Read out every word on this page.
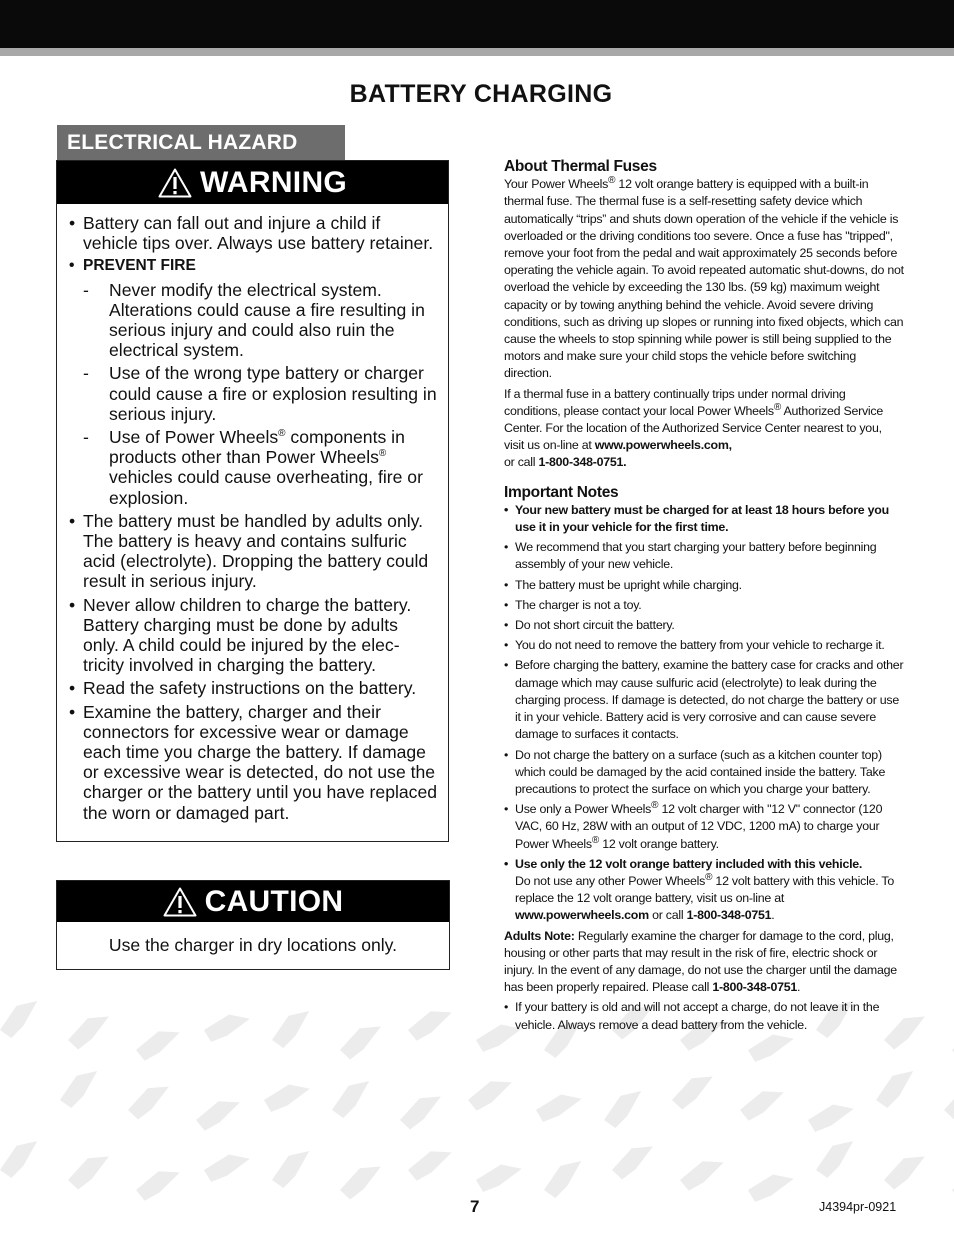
BATTERY CHARGING
ELECTRICAL HAZARD
WARNING
• Battery can fall out and injure a child if vehicle tips over. Always use battery retainer.
• PREVENT FIRE
- Never modify the electrical system. Alterations could cause a fire resulting in serious injury and could also ruin the electrical system.
- Use of the wrong type battery or charger could cause a fire or explosion resulting in serious injury.
- Use of Power Wheels® components in products other than Power Wheels® vehicles could cause overheating, fire or explosion.
• The battery must be handled by adults only. The battery is heavy and contains sulfuric acid (electrolyte). Dropping the battery could result in serious injury.
• Never allow children to charge the battery. Battery charging must be done by adults only. A child could be injured by the elec-tricity involved in charging the battery.
• Read the safety instructions on the battery.
• Examine the battery, charger and their connectors for excessive wear or damage each time you charge the battery. If damage or excessive wear is detected, do not use the charger or the battery until you have replaced the worn or damaged part.
CAUTION
Use the charger in dry locations only.
About Thermal Fuses

Your Power Wheels® 12 volt orange battery is equipped with a built-in thermal fuse. The thermal fuse is a self-resetting safety device which automatically “trips” and shuts down operation of the vehicle if the vehicle is overloaded or the driving conditions too severe. Once a fuse has "tripped", remove your foot from the pedal and wait approximately 25 seconds before operating the vehicle again. To avoid repeated automatic shut-downs, do not overload the vehicle by exceeding the 130 lbs. (59 kg) maximum weight capacity or by towing anything behind the vehicle. Avoid severe driving conditions, such as driving up slopes or running into fixed objects, which can cause the wheels to stop spinning while power is still being supplied to the motors and make sure your child stops the vehicle before switching direction.

If a thermal fuse in a battery continually trips under normal driving conditions, please contact your local Power Wheels® Authorized Service Center. For the location of the Authorized Service Center nearest to you, visit us on-line at www.powerwheels.com,
or call 1-800-348-0751.

Important Notes
• Your new battery must be charged for at least 18 hours before you use it in your vehicle for the first time.
• We recommend that you start charging your battery before beginning assembly of your new vehicle.
• The battery must be upright while charging.
• The charger is not a toy.
• Do not short circuit the battery.
• You do not need to remove the battery from your vehicle to recharge it.
• Before charging the battery, examine the battery case for cracks and other damage which may cause sulfuric acid (electrolyte) to leak during the charging process. If damage is detected, do not charge the battery or use it in your vehicle. Battery acid is very corrosive and can cause severe damage to surfaces it contacts.
• Do not charge the battery on a surface (such as a kitchen counter top) which could be damaged by the acid contained inside the battery. Take precautions to protect the surface on which you charge your battery.
• Use only a Power Wheels® 12 volt charger with "12 V" connector (120 VAC, 60 Hz, 28W with an output of 12 VDC, 1200 mA) to charge your Power Wheels® 12 volt orange battery.
• Use only the 12 volt orange battery included with this vehicle.
Do not use any other Power Wheels® 12 volt battery with this vehicle. To replace the 12 volt orange battery, visit us on-line at www.powerwheels.com or call 1-800-348-0751.

Adults Note: Regularly examine the charger for damage to the cord, plug, housing or other parts that may result in the risk of fire, electric shock or injury. In the event of any damage, do not use the charger until the damage has been properly repaired. Please call 1-800-348-0751.

• If your battery is old and will not accept a charge, do not leave it in the vehicle. Always remove a dead battery from the vehicle.
7	J4394pr-0921
